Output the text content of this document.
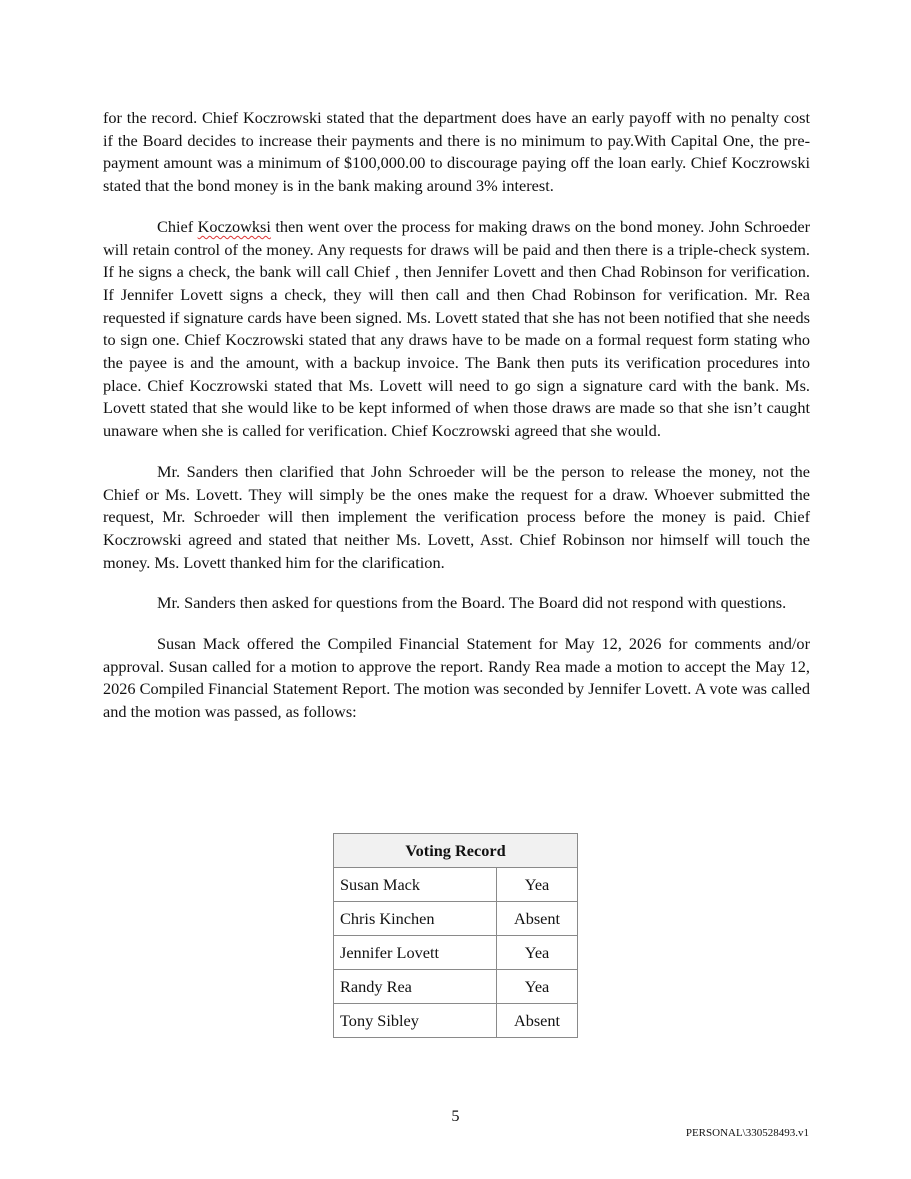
for the record. Chief Koczrowski stated that the department does have an early payoff with no penalty cost if the Board decides to increase their payments and there is no minimum to pay.With Capital One, the pre-payment amount was a minimum of $100,000.00 to discourage paying off the loan early. Chief Koczrowski stated that the bond money is in the bank making around 3% interest.

Chief Koczowksi then went over the process for making draws on the bond money. John Schroeder will retain control of the money. Any requests for draws will be paid and then there is a triple-check system. If he signs a check, the bank will call Chief , then Jennifer Lovett and then Chad Robinson for verification. If Jennifer Lovett signs a check, they will then call and then Chad Robinson for verification. Mr. Rea requested if signature cards have been signed. Ms. Lovett stated that she has not been notified that she needs to sign one. Chief Koczrowski stated that any draws have to be made on a formal request form stating who the payee is and the amount, with a backup invoice. The Bank then puts its verification procedures into place. Chief Koczrowski stated that Ms. Lovett will need to go sign a signature card with the bank. Ms. Lovett stated that she would like to be kept informed of when those draws are made so that she isn’t caught unaware when she is called for verification. Chief Koczrowski agreed that she would.

Mr. Sanders then clarified that John Schroeder will be the person to release the money, not the Chief or Ms. Lovett. They will simply be the ones make the request for a draw. Whoever submitted the request, Mr. Schroeder will then implement the verification process before the money is paid. Chief Koczrowski agreed and stated that neither Ms. Lovett, Asst. Chief Robinson nor himself will touch the money. Ms. Lovett thanked him for the clarification.

Mr. Sanders then asked for questions from the Board. The Board did not respond with questions.

Susan Mack offered the Compiled Financial Statement for May 12, 2026 for comments and/or approval. Susan called for a motion to approve the report. Randy Rea made a motion to accept the May 12, 2026 Compiled Financial Statement Report. The motion was seconded by Jennifer Lovett. A vote was called and the motion was passed, as follows:

Voting Record	
Susan Mack	Yea
Chris Kinchen	Absent
Jennifer Lovett	Yea
Randy Rea	Yea
Tony Sibley	Absent
5
PERSONAL\330528493.v1
